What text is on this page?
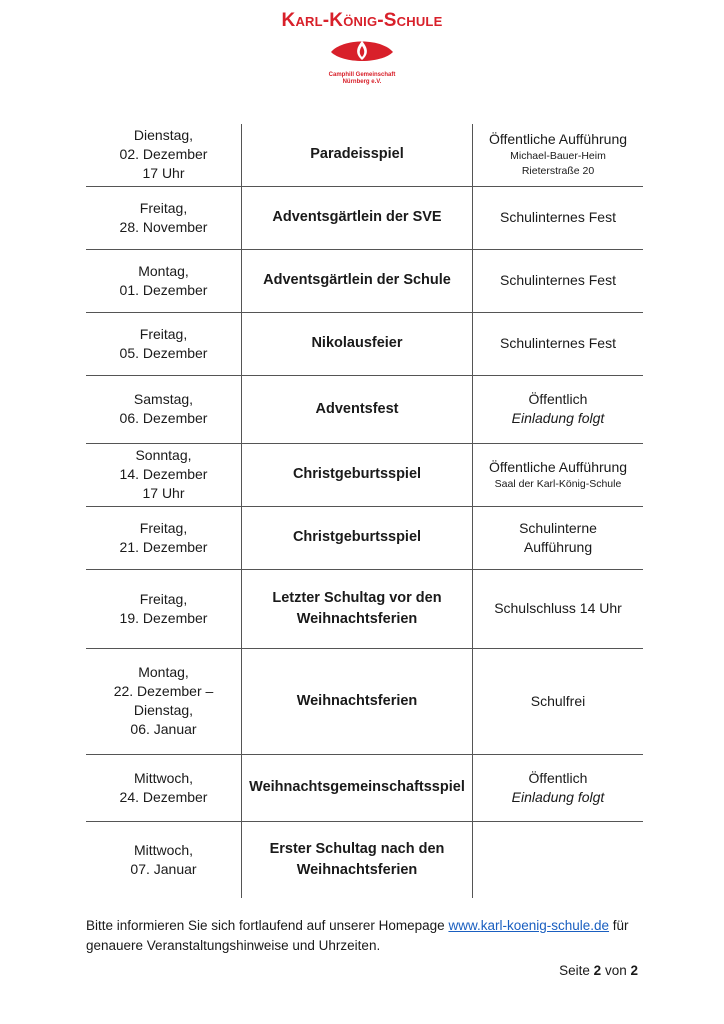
Karl-König-Schule
Camphill Gemeinschaft
Nürnberg e.V.
Dienstag,
02. Dezember
17 Uhr	Paradeisspiel	Öffentliche Aufführung
Michael-Bauer-Heim
Rieterstraße 20

Freitag,
28. November	Adventsgärtlein der SVE	Schulinternes Fest

Montag,
01. Dezember	Adventsgärtlein der Schule	Schulinternes Fest

Freitag,
05. Dezember	Nikolausfeier	Schulinternes Fest

Samstag,
06. Dezember	Adventsfest	Öffentlich
Einladung folgt

Sonntag,
14. Dezember
17 Uhr	Christgeburtsspiel	Öffentliche Aufführung
Saal der Karl-König-Schule

Freitag,
21. Dezember	Christgeburtsspiel	Schulinterne
Aufführung

Freitag,
19. Dezember	Letzter Schultag vor den
Weihnachtsferien	Schulschluss 14 Uhr

Montag,
22. Dezember –
Dienstag,
06. Januar	Weihnachtsferien	Schulfrei

Mittwoch,
24. Dezember	Weihnachtsgemeinschaftsspiel	Öffentlich
Einladung folgt

Mittwoch,
07. Januar	Erster Schultag nach den
Weihnachtsferien	

Bitte informieren Sie sich fortlaufend auf unserer Homepage www.karl-koenig-schule.de für genauere Veranstaltungshinweise und Uhrzeiten.
Seite 2 von 2
